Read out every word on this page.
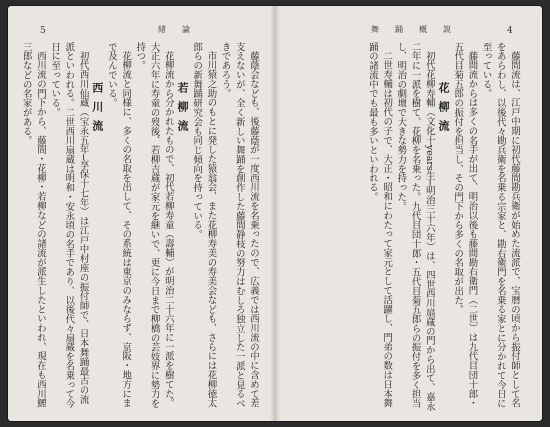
5	緒　論

藤蔭会なども、後藤蔭が一度西川流を名乗ったので、広義では西川流の中に含めて差支えないが、全く新しい舞踊を創作した藤間静枝の努力はむしろ独立した一派と見るべきであろう。

市川猿之助のもとに発した猿翁会、また花柳寿美の寿美会なども、さらには花柳徳太郎らの新舞踊研究会も同じ傾向を持っている。

若柳流

花柳流から分かれたもので、初代若柳寿童（壽輔）が明治二十六年に一派を樹てた。大正六年に寿童の歿後、若柳吉蔵が家元を継いで、更に今日まで柳橋の芸妓界に勢力を持つ。

花柳流と同様に、多くの名取を出して、その系統は東京のみならず、京阪・地方にまで及んでいる。

西川流

初代西川仙蔵（宝永五年─享保十七年）は江戸中村座の振付師で、日本舞踊最古の流派といわれる。二世西川扇蔵は明和・安永頃の名手であり、以後代々扇蔵を名乗って今日に至っている。

西川流の門下から、藤間・花柳・若柳などの諸流が派生したといわれ、現在も西川鯉三郎などの名家がある。

舞　踊　概　説	4

藤間流は、江戸中期に初代藤間勘兵衛が始めた流派で、宝暦の頃から振付師として名をあらわし、以後代々勘兵衛を名乗る宗家と、勘右衛門を名乗る家とに分かれて今日に至っている。

藤間流からは多くの名手が出て、明治以後も藤間勘右衛門（二世）は九代目団十郎・五代目菊五郎の振付を担当し、その門下から多くの名取が出た。

花柳流

初代花柳寿輔（文化十years生─明治三十六年）は、四世西川扇蔵の門から出て、嘉永二年に一派を樹て、花柳を名乗った。九代目団十郎・五代目菊五郎らの振付を多く担当し、明治の劇壇で大きな勢力を持った。

二世寿輔は初代の子で、大正・昭和にわたって家元として活躍し、門弟の数は日本舞踊の諸流中でも最も多いといわれる。
